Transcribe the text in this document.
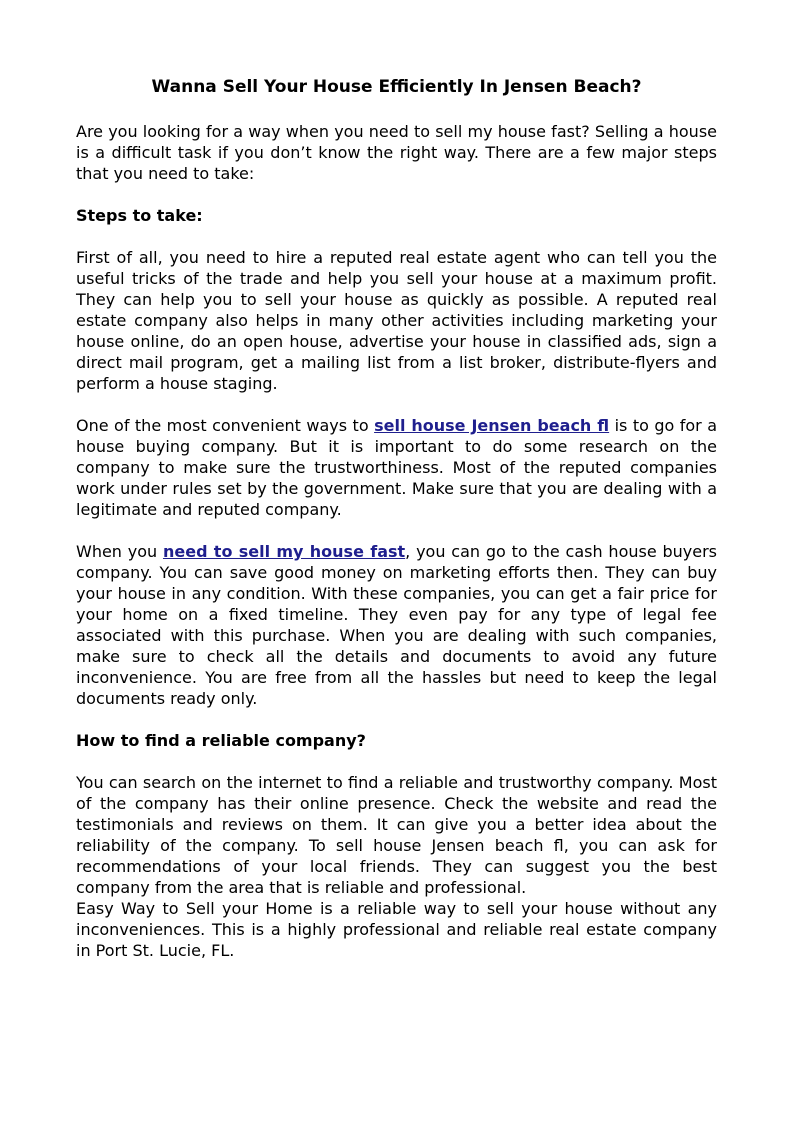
Wanna Sell Your House Efficiently In Jensen Beach?

Are you looking for a way when you need to sell my house fast? Selling a house is a difficult task if you don’t know the right way. There are a few major steps that you need to take:

Steps to take:

First of all, you need to hire a reputed real estate agent who can tell you the useful tricks of the trade and help you sell your house at a maximum profit. They can help you to sell your house as quickly as possible. A reputed real estate company also helps in many other activities including marketing your house online, do an open house, advertise your house in classified ads, sign a direct mail program, get a mailing list from a list broker, distribute-flyers and perform a house staging.

One of the most convenient ways to sell house Jensen beach fl is to go for a house buying company. But it is important to do some research on the company to make sure the trustworthiness. Most of the reputed companies work under rules set by the government. Make sure that you are dealing with a legitimate and reputed company.

When you need to sell my house fast, you can go to the cash house buyers company. You can save good money on marketing efforts then. They can buy your house in any condition. With these companies, you can get a fair price for your home on a fixed timeline. They even pay for any type of legal fee associated with this purchase. When you are dealing with such companies, make sure to check all the details and documents to avoid any future inconvenience. You are free from all the hassles but need to keep the legal documents ready only.

How to find a reliable company?

You can search on the internet to find a reliable and trustworthy company. Most of the company has their online presence. Check the website and read the testimonials and reviews on them. It can give you a better idea about the reliability of the company. To sell house Jensen beach fl, you can ask for recommendations of your local friends. They can suggest you the best company from the area that is reliable and professional.

Easy Way to Sell your Home is a reliable way to sell your house without any inconveniences. This is a highly professional and reliable real estate company in Port St. Lucie, FL.
